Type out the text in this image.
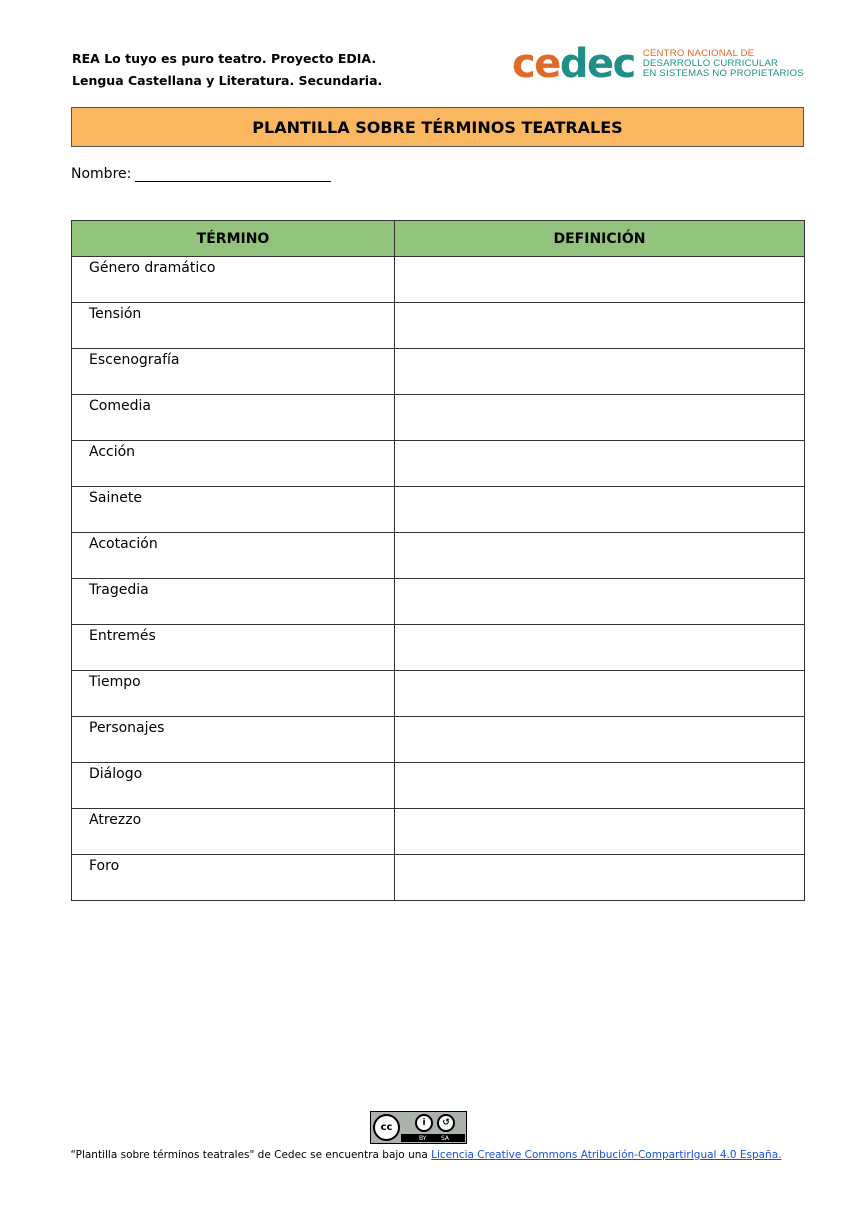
REA Lo tuyo es puro teatro. Proyecto EDIA.
Lengua Castellana y Literatura. Secundaria.	cedec CENTRO NACIONAL DE
DESARROLLO CURRICULAR
EN SISTEMAS NO PROPIETARIOS
PLANTILLA SOBRE TÉRMINOS TEATRALES
Nombre:
TÉRMINO	DEFINICIÓN
Género dramático	
Tensión	
Escenografía	
Comedia	
Acción	
Sainete	
Acotación	
Tragedia	
Entremés	
Tiempo	
Personajes	
Diálogo	
Atrezzo	
Foro	
cc	i	↺
BY SA
“Plantilla sobre términos teatrales" de Cedec se encuentra bajo una Licencia Creative Commons Atribución-CompartirIgual 4.0 España.
